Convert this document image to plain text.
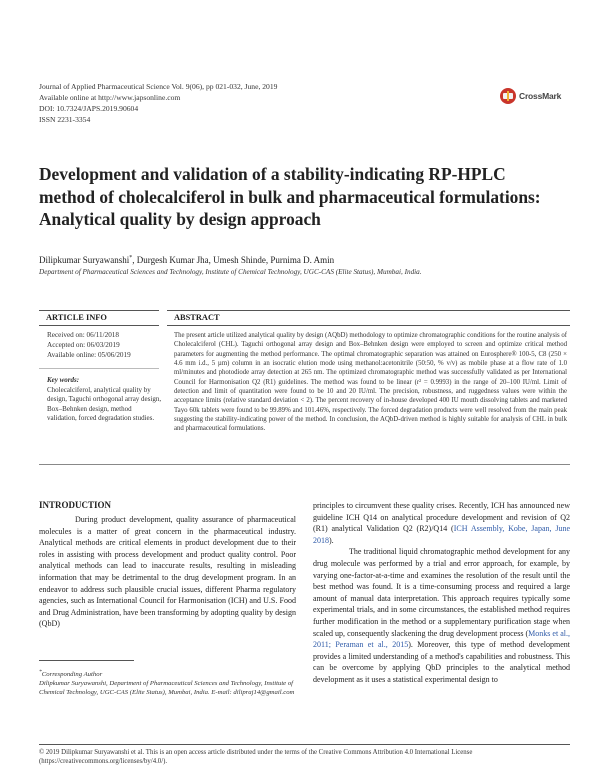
Journal of Applied Pharmaceutical Science Vol. 9(06), pp 021-032, June, 2019
Available online at http://www.japsonline.com
DOI: 10.7324/JAPS.2019.90604
ISSN 2231-3354
CrossMark
Development and validation of a stability-indicating RP-HPLC
method of cholecalciferol in bulk and pharmaceutical formulations:
Analytical quality by design approach
Dilipkumar Suryawanshi*, Durgesh Kumar Jha, Umesh Shinde, Purnima D. Amin
Department of Pharmaceutical Sciences and Technology, Institute of Chemical Technology, UGC-CAS (Elite Status), Mumbai, India.
ARTICLE INFO	ABSTRACT
Received on: 06/11/2018
Accepted on: 06/03/2019
Available online: 05/06/2019
Key words:
Cholecalciferol, analytical quality by design, Taguchi orthogonal array design, Box–Behnken design, method validation, forced degradation studies.
The present article utilized analytical quality by design (AQbD) methodology to optimize chromatographic conditions for the routine analysis of Cholecalciferol (CHL). Taguchi orthogonal array design and Box–Behnken design were employed to screen and optimize critical method parameters for augmenting the method performance. The optimal chromatographic separation was attained on Eurosphere® 100-5, C8 (250 × 4.6 mm i.d., 5 µm) column in an isocratic elution mode using methanol:acetonitrile (50:50, % v/v) as mobile phase at a flow rate of 1.0 ml/minutes and photodiode array detection at 265 nm. The optimized chromatographic method was successfully validated as per International Council for Harmonisation Q2 (R1) guidelines. The method was found to be linear (r² = 0.9993) in the range of 20–100 IU/ml. Limit of detection and limit of quantitation were found to be 10 and 20 IU/ml. The precision, robustness, and ruggedness values were within the acceptance limits (relative standard deviation < 2). The percent recovery of in-house developed 400 IU mouth dissolving tablets and marketed Tayo 60k tablets were found to be 99.89% and 101.46%, respectively. The forced degradation products were well resolved from the main peak suggesting the stability-indicating power of the method. In conclusion, the AQbD-driven method is highly suitable for analysis of CHL in bulk and pharmaceutical formulations.
INTRODUCTION

During product development, quality assurance of pharmaceutical molecules is a matter of great concern in the pharmaceutical industry. Analytical methods are critical elements in product development due to their roles in assisting with process development and product quality control. Poor analytical methods can lead to inaccurate results, resulting in misleading information that may be detrimental to the drug development program. In an endeavor to address such plausible crucial issues, different Pharma regulatory agencies, such as International Council for Harmonisation (ICH) and U.S. Food and Drug Administration, have been transforming by adopting quality by design (QbD)

principles to circumvent these quality crises. Recently, ICH has announced new guideline ICH Q14 on analytical procedure development and revision of Q2 (R1) analytical Validation Q2 (R2)/Q14 (ICH Assembly, Kobe, Japan, June 2018).

The traditional liquid chromatographic method development for any drug molecule was performed by a trial and error approach, for example, by varying one-factor-at-a-time and examines the resolution of the result until the best method was found. It is a time-consuming process and required a large amount of manual data interpretation. This approach requires typically some experimental trials, and in some circumstances, the established method requires further modification in the method or a supplementary purification stage when scaled up, consequently slackening the drug development process (Monks et al., 2011; Peraman et al., 2015). Moreover, this type of method development provides a limited understanding of a method's capabilities and robustness. This can be overcome by applying QbD principles to the analytical method development as it uses a statistical experimental design to

*Corresponding Author
Dilipkumar Suryawanshi, Department of Pharmaceutical Sciences and Technology, Institute of Chemical Technology, UGC-CAS (Elite Status), Mumbai, India. E-mail: dilipraj14@gmail.com
© 2019 Dilipkumar Suryawanshi et al. This is an open access article distributed under the terms of the Creative Commons Attribution 4.0 International License
(https://creativecommons.org/licenses/by/4.0/).
